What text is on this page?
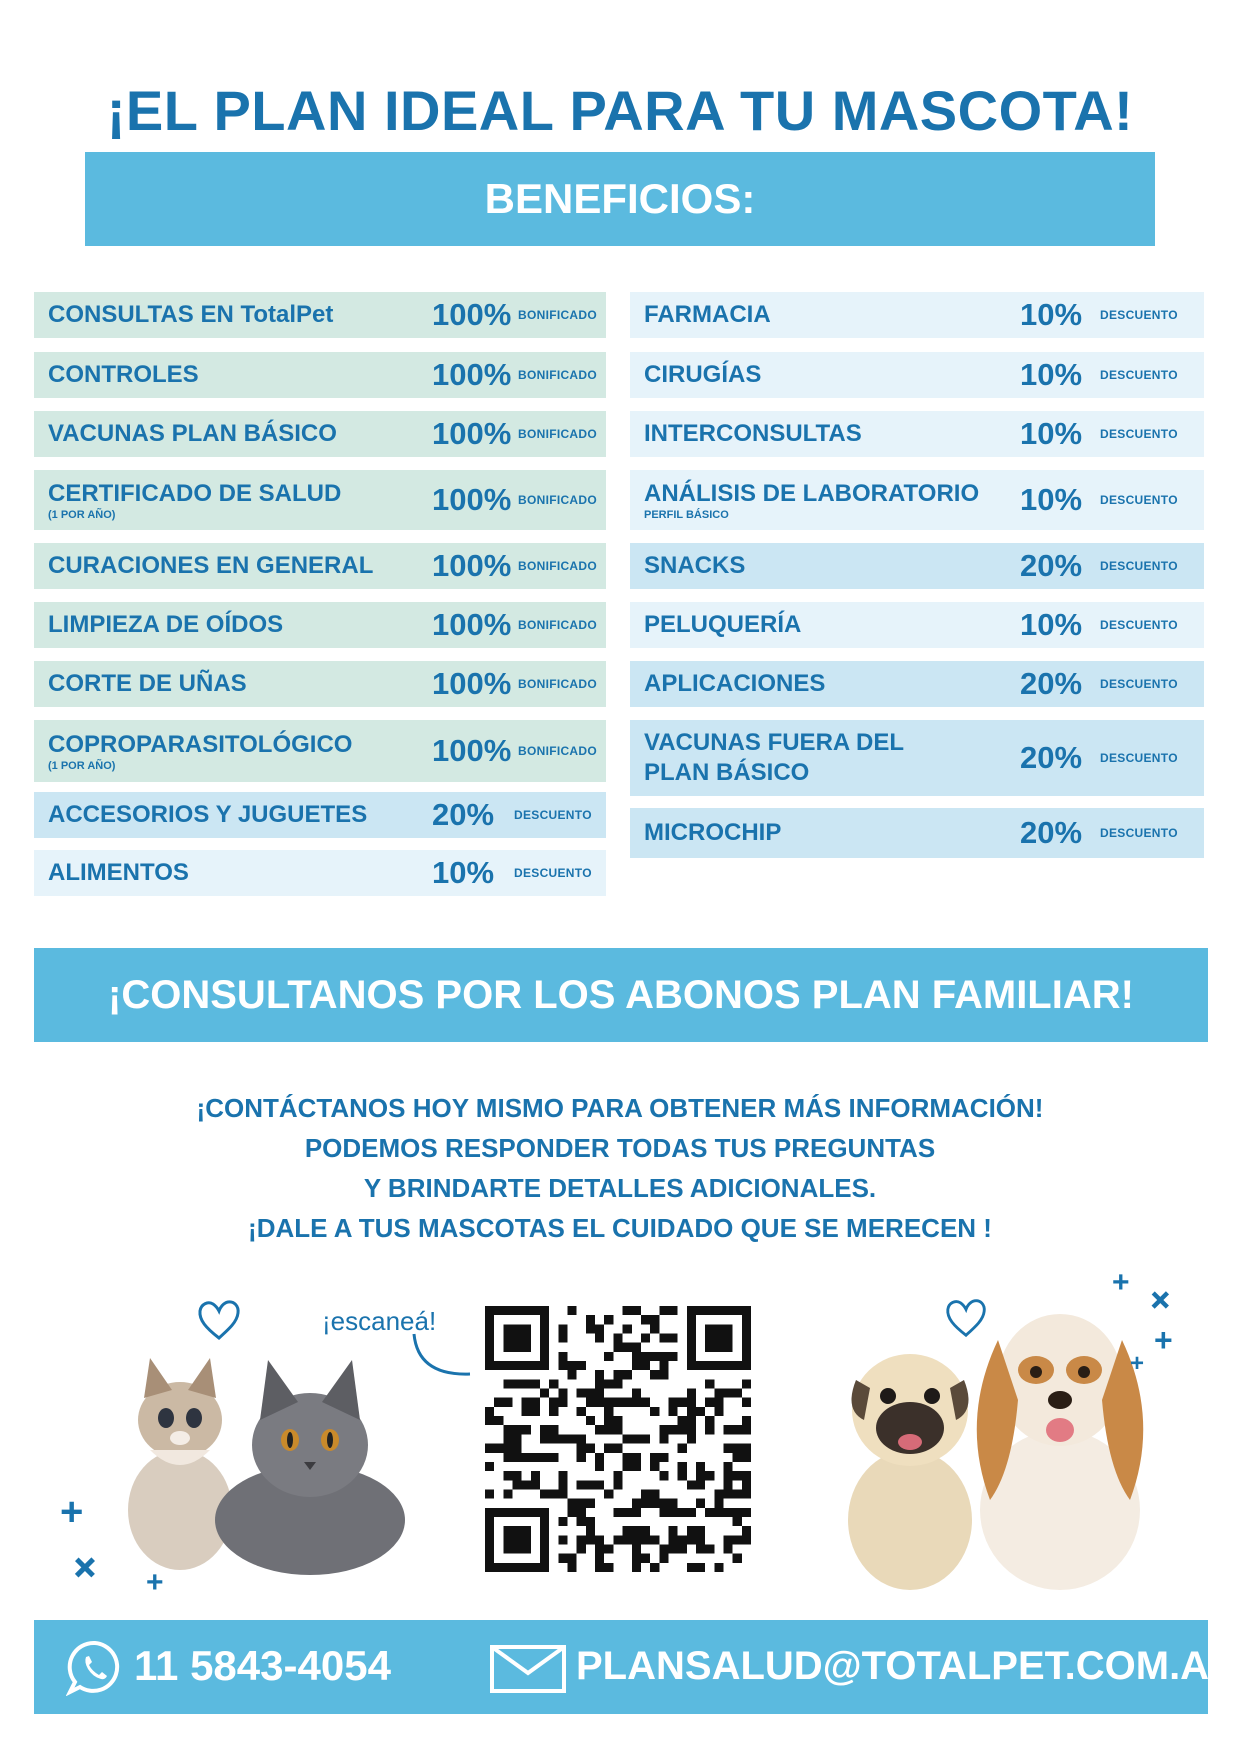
¡EL PLAN IDEAL PARA TU MASCOTA!
BENEFICIOS:
CONSULTAS EN TotalPet	100% BONIFICADO
CONTROLES	100% BONIFICADO
VACUNAS PLAN BÁSICO	100% BONIFICADO
CERTIFICADO DE SALUD
(1 POR AÑO)	100% BONIFICADO
CURACIONES EN GENERAL 100% BONIFICADO
LIMPIEZA DE OÍDOS	100% BONIFICADO
CORTE DE UÑAS	100% BONIFICADO
COPROPARASITOLÓGICO
(1 POR AÑO)	100% BONIFICADO
ACCESORIOS Y JUGUETES 20% DESCUENTO
ALIMENTOS	10% DESCUENTO
FARMACIA	10% DESCUENTO
CIRUGÍAS	10% DESCUENTO
INTERCONSULTAS	10% DESCUENTO
ANÁLISIS DE LABORATORIO
PERFIL BÁSICO	10% DESCUENTO
SNACKS	20% DESCUENTO
PELUQUERÍA	10% DESCUENTO
APLICACIONES	20% DESCUENTO
VACUNAS FUERA DEL
PLAN BÁSICO	20% DESCUENTO
MICROCHIP	20% DESCUENTO
¡CONSULTANOS POR LOS ABONOS PLAN FAMILIAR!
¡CONTÁCTANOS HOY MISMO PARA OBTENER MÁS INFORMACIÓN!
PODEMOS RESPONDER TODAS TUS PREGUNTAS
Y BRINDARTE DETALLES ADICIONALES.
¡DALE A TUS MASCOTAS EL CUIDADO QUE SE MERECEN !
+
+ +
¡escaneá!
+ +
+
+
11 5843-4054	PLANSALUD@TOTALPET.COM.AR
